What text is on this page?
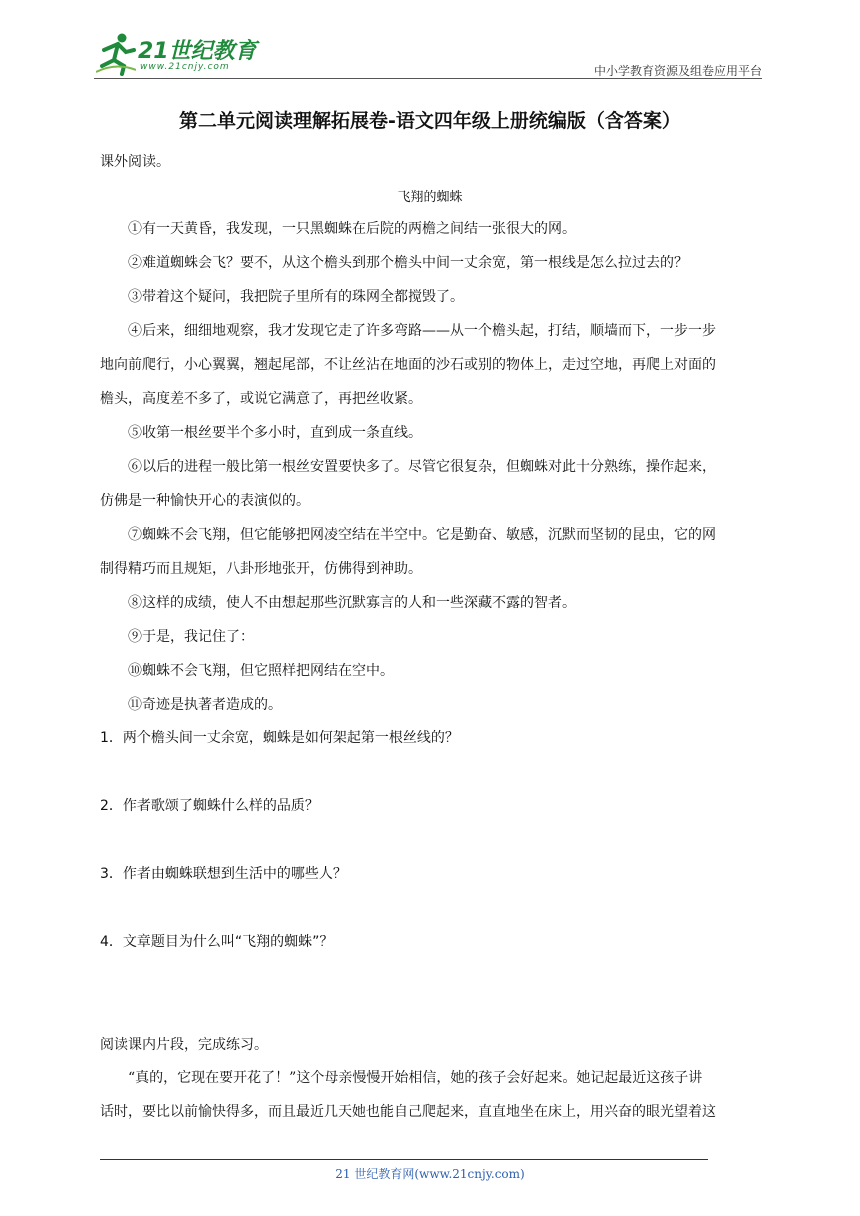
21世纪教育
www.21cnjy.com	中小学教育资源及组卷应用平台
第二单元阅读理解拓展卷-语文四年级上册统编版（含答案）
课外阅读。
飞翔的蜘蛛
①有一天黄昏，我发现，一只黑蜘蛛在后院的两檐之间结一张很大的网。
②难道蜘蛛会飞？要不，从这个檐头到那个檐头中间一丈余宽，第一根线是怎么拉过去的？
③带着这个疑问，我把院子里所有的珠网全都搅毁了。
④后来，细细地观察，我才发现它走了许多弯路——从一个檐头起，打结，顺墙而下，一步一步
地向前爬行，小心翼翼，翘起尾部，不让丝沾在地面的沙石或别的物体上，走过空地，再爬上对面的
檐头，高度差不多了，或说它满意了，再把丝收紧。
⑤收第一根丝要半个多小时，直到成一条直线。
⑥以后的进程一般比第一根丝安置要快多了。尽管它很复杂，但蜘蛛对此十分熟练，操作起来，
仿佛是一种愉快开心的表演似的。
⑦蜘蛛不会飞翔，但它能够把网凌空结在半空中。它是勤奋、敏感，沉默而坚韧的昆虫，它的网
制得精巧而且规矩，八卦形地张开，仿佛得到神助。
⑧这样的成绩，使人不由想起那些沉默寡言的人和一些深藏不露的智者。
⑨于是，我记住了：
⑩蜘蛛不会飞翔，但它照样把网结在空中。
⑪奇迹是执著者造成的。
1．两个檐头间一丈余宽，蜘蛛是如何架起第一根丝线的？
2．作者歌颂了蜘蛛什么样的品质？
3．作者由蜘蛛联想到生活中的哪些人？
4．文章题目为什么叫“飞翔的蜘蛛”？
阅读课内片段，完成练习。
“真的，它现在要开花了！”这个母亲慢慢开始相信，她的孩子会好起来。她记起最近这孩子讲
话时，要比以前愉快得多，而且最近几天她也能自己爬起来，直直地坐在床上，用兴奋的眼光望着这
21 世纪教育网(www.21cnjy.com)
